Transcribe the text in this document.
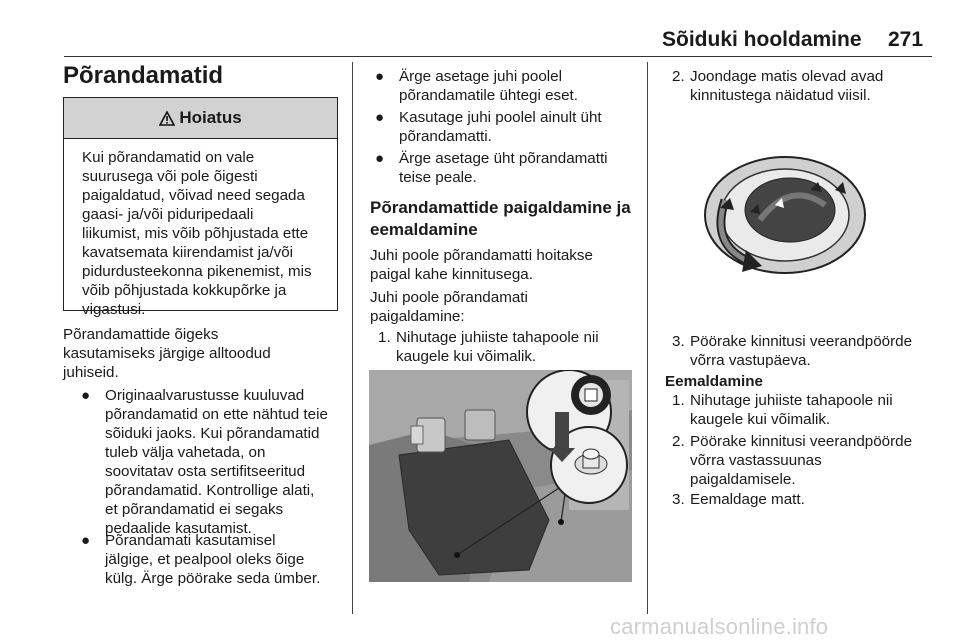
Sõiduki hooldamine 271
Põrandamatid
Hoiatus
Kui põrandamatid on vale
suurusega või pole õigesti
paigaldatud, võivad need segada
gaasi- ja/või piduripedaali
liikumist, mis võib põhjustada ette
kavatsemata kiirendamist ja/või
pidurdusteekonna pikenemist, mis
võib põhjustada kokkupõrke ja
vigastusi.
Põrandamattide õigeks
kasutamiseks järgige alltoodud
juhiseid.
● Originaalvarustusse kuuluvad
põrandamatid on ette nähtud teie
sõiduki jaoks. Kui põrandamatid
tuleb välja vahetada, on
soovitatav osta sertifitseeritud
põrandamatid. Kontrollige alati,
et põrandamatid ei segaks
pedaalide kasutamist.
● Põrandamati kasutamisel
jälgige, et pealpool oleks õige
külg. Ärge pöörake seda ümber.
● Ärge asetage juhi poolel
põrandamatile ühtegi eset.
● Kasutage juhi poolel ainult üht
põrandamatti.
● Ärge asetage üht põrandamatti
teise peale.
Põrandamattide paigaldamine ja
eemaldamine
Juhi poole põrandamatti hoitakse
paigal kahe kinnitusega.
Juhi poole põrandamati
paigaldamine:
1. Nihutage juhiiste tahapoole nii
kaugele kui võimalik.
2. Joondage matis olevad avad
kinnitustega näidatud viisil.
3. Pöörake kinnitusi veerandpöörde
võrra vastupäeva.
Eemaldamine
1. Nihutage juhiiste tahapoole nii
kaugele kui võimalik.
2. Pöörake kinnitusi veerandpöörde
võrra vastassuunas
paigaldamisele.
3. Eemaldage matt.
carmanualsonline.info
